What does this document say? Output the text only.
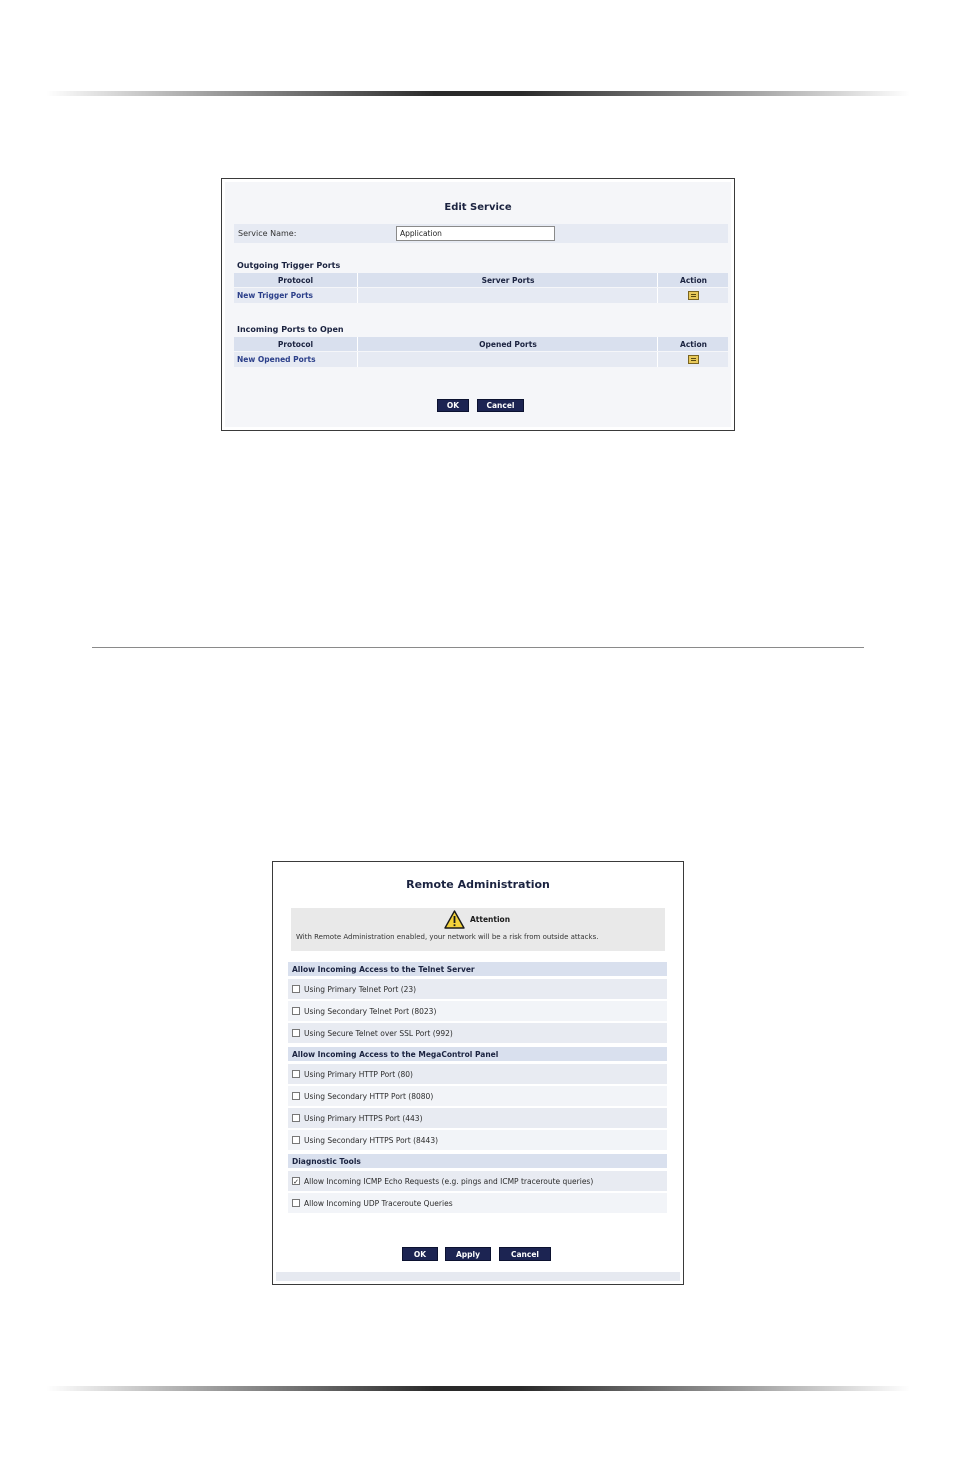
Edit Service
Service Name:	Application
Outgoing Trigger Ports
Protocol	Server Ports	Action
New Trigger Ports
Incoming Ports to Open
Protocol	Opened Ports	Action
New Opened Ports
OK	Cancel
Remote Administration
Attention
With Remote Administration enabled, your network will be a risk from outside attacks.
Allow Incoming Access to the Telnet Server
Using Primary Telnet Port (23)
Using Secondary Telnet Port (8023)
Using Secure Telnet over SSL Port (992)
Allow Incoming Access to the MegaControl Panel
Using Primary HTTP Port (80)
Using Secondary HTTP Port (8080)
Using Primary HTTPS Port (443)
Using Secondary HTTPS Port (8443)
Diagnostic Tools
✓ Allow Incoming ICMP Echo Requests (e.g. pings and ICMP traceroute queries)
Allow Incoming UDP Traceroute Queries
OK	Apply	Cancel
